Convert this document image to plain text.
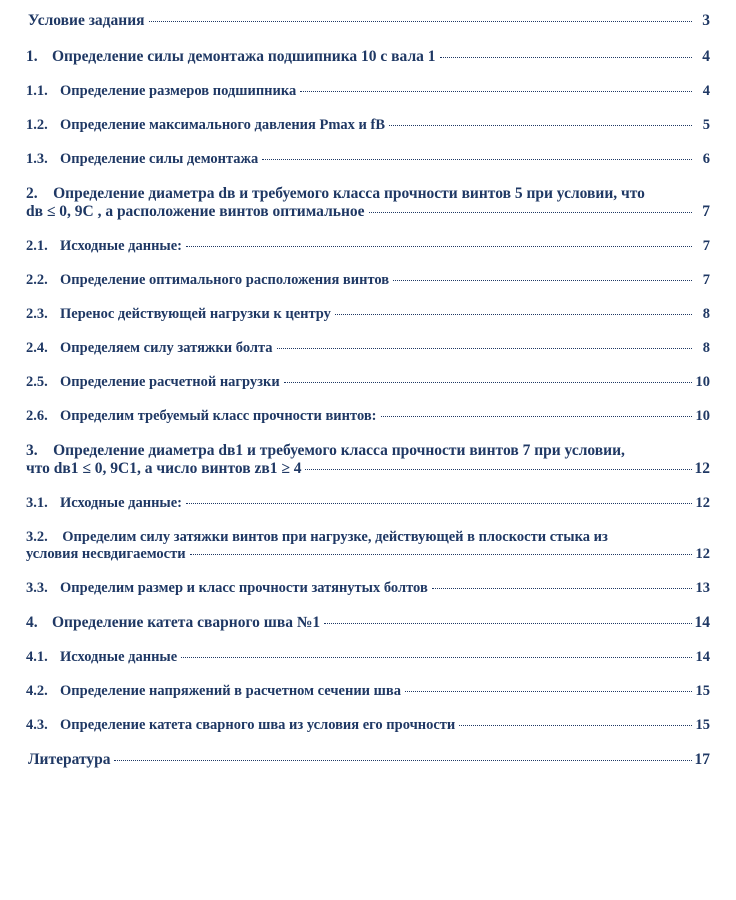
Условие задания	3
1. Определение силы демонтажа подшипника 10 с вала 1	4
1.1. Определение размеров подшипника	4
1.2. Определение максимального давления Pmax и fB	5
1.3. Определение силы демонтажа	6
2.  Определение диаметра dв и требуемого класса прочности винтов 5 при условии, что
dв ≤ 0, 9С , а расположение винтов оптимальное	7
2.1. Исходные данные:	7
2.2. Определение оптимального расположения винтов	7
2.3. Перенос действующей нагрузки к центру	8
2.4. Определяем силу затяжки болта	8
2.5. Определение расчетной нагрузки	10
2.6. Определим требуемый класс прочности винтов:	10
3.  Определение диаметра dв1 и требуемого класса прочности винтов 7 при условии,
что dв1 ≤ 0, 9С1, а число винтов zв1 ≥ 4	12
3.1. Исходные данные:	12
3.2.  Определим силу затяжки винтов при нагрузке, действующей в плоскости стыка из
условия несвдигаемости	12
3.3. Определим размер и класс прочности затянутых болтов	13
4. Определение катета сварного шва №1	14
4.1. Исходные данные	14
4.2. Определение напряжений в расчетном сечении шва	15
4.3. Определение катета сварного шва из условия его прочности	15
Литература	17
